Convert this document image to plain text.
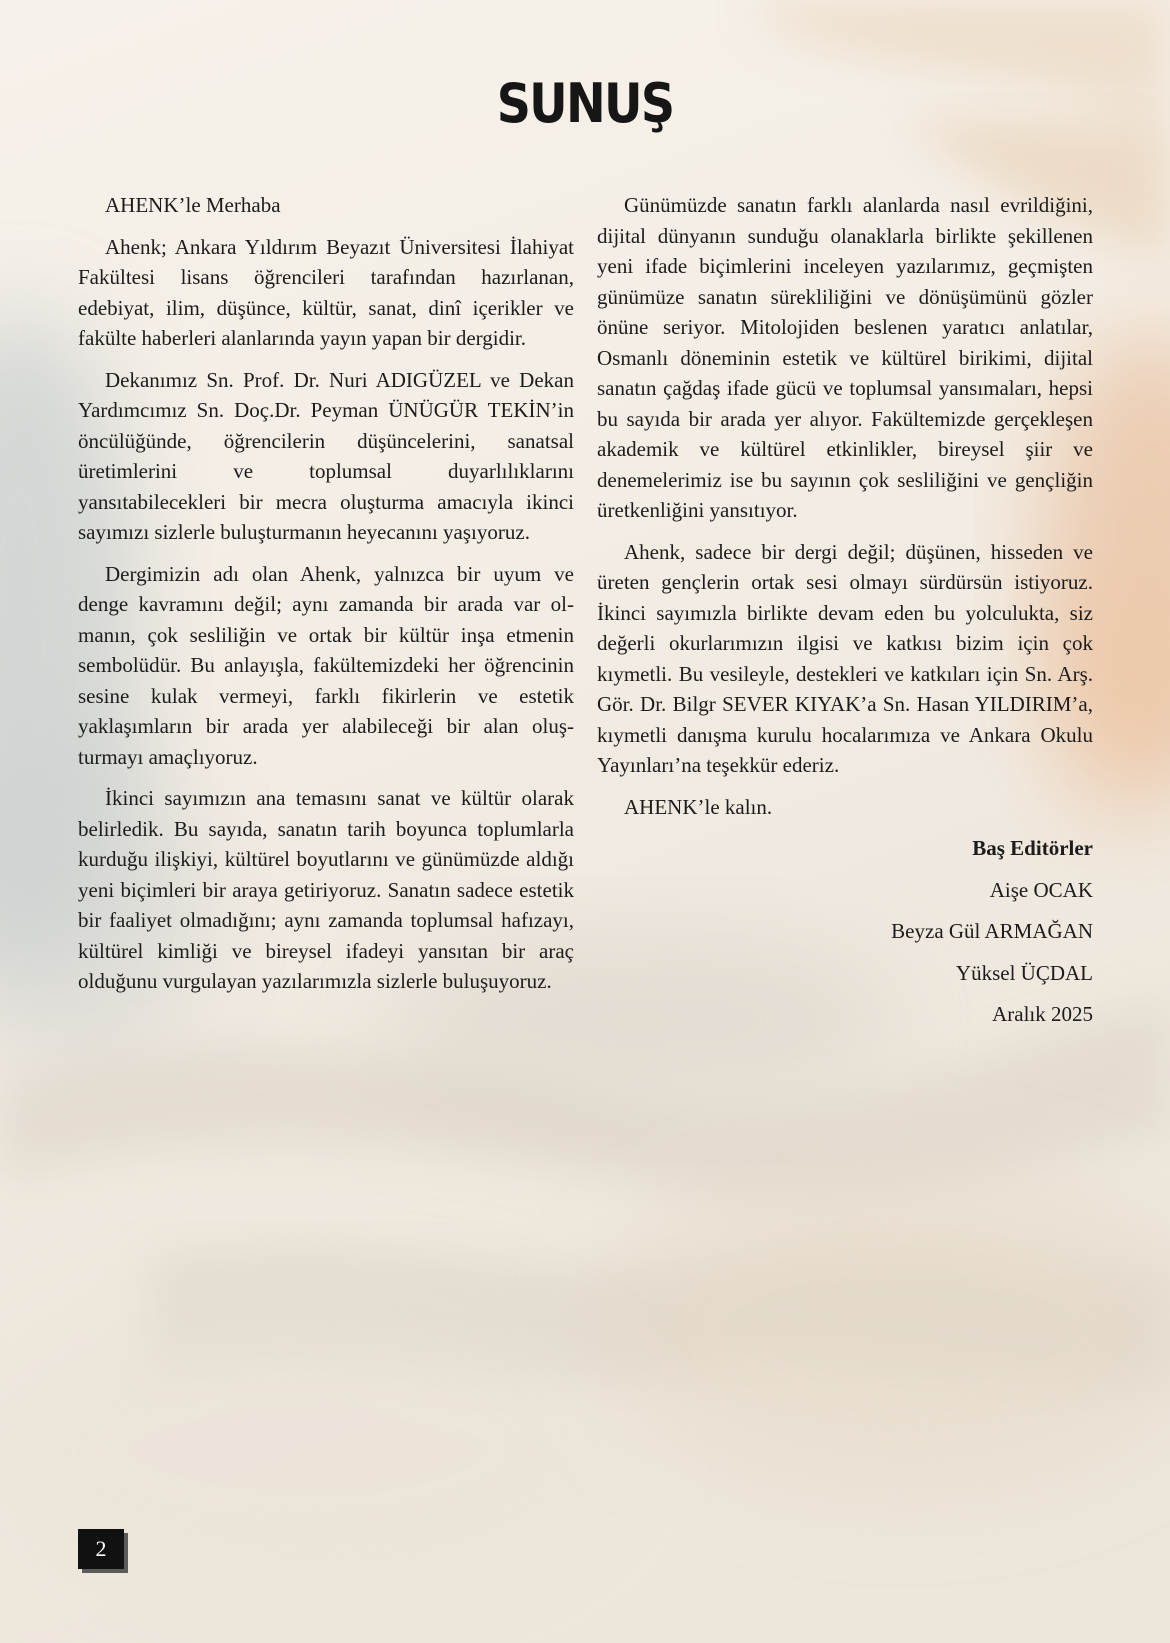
SUNUŞ

AHENK’le Merhaba

Ahenk; Ankara Yıldırım Beyazıt Üniversitesi İlahiyat Fakültesi lisans öğrencileri tarafından hazırlanan, edebiyat, ilim, düşünce, kültür, sanat, dinî içerikler ve fakülte haberleri alanlarında yayın yapan bir dergidir.

Dekanımız Sn. Prof. Dr. Nuri ADIGÜZEL ve Dekan Yardımcımız Sn. Doç.Dr. Peyman ÜNÜGÜR TEKİN’in öncülüğünde, öğrencilerin düşüncelerini, sanatsal üretimlerini ve toplumsal duyarlılıklarını yansıtabilecekleri bir mecra oluşturma amacıyla ikinci sayımızı sizlerle buluşturmanın heyecanını yaşıyoruz.

Dergimizin adı olan Ahenk, yalnızca bir uyum ve denge kavramını değil; aynı zamanda bir arada var olmanın, çok sesliliğin ve ortak bir kültür inşa etmenin sembolüdür. Bu anlayışla, fakültemizdeki her öğrencinin sesine kulak vermeyi, farklı fikirlerin ve estetik yaklaşımların bir arada yer alabileceği bir alan oluşturmayı amaçlıyoruz.

İkinci sayımızın ana temasını sanat ve kültür olarak belirledik. Bu sayıda, sanatın tarih boyunca toplumlarla kurduğu ilişkiyi, kültürel boyutlarını ve günümüzde aldığı yeni biçimleri bir araya getiriyoruz. Sanatın sadece estetik bir faaliyet olmadığını; aynı zamanda toplumsal hafızayı, kültürel kimliği ve bireysel ifadeyi yansıtan bir araç olduğunu vurgulayan yazılarımızla sizlerle buluşuyoruz.

Günümüzde sanatın farklı alanlarda nasıl evrildiğini, dijital dünyanın sunduğu olanaklarla birlikte şekillenen yeni ifade biçimlerini inceleyen yazılarımız, geçmişten günümüze sanatın sürekliliğini ve dönüşümünü gözler önüne seriyor. Mitolojiden beslenen yaratıcı anlatılar, Osmanlı döneminin estetik ve kültürel birikimi, dijital sanatın çağdaş ifade gücü ve toplumsal yansımaları, hepsi bu sayıda bir arada yer alıyor. Fakültemizde gerçekleşen akademik ve kültürel etkinlikler, bireysel şiir ve denemelerimiz ise bu sayının çok sesliliğini ve gençliğin üretkenliğini yansıtıyor.

Ahenk, sadece bir dergi değil; düşünen, hisseden ve üreten gençlerin ortak sesi olmayı sürdürsün istiyoruz. İkinci sayımızla birlikte devam eden bu yolculukta, siz değerli okurlarımızın ilgisi ve katkısı bizim için çok kıymetli. Bu vesileyle, destekleri ve katkıları için Sn. Arş. Gör. Dr. Bilgr SEVER KIYAK’a Sn. Hasan YILDIRIM’a, kıymetli danışma kurulu hocalarımıza ve Ankara Okulu Yayınları’na teşekkür ederiz.

AHENK’le kalın.

Baş Editörler
Aişe OCAK
Beyza Gül ARMAĞAN
Yüksel ÜÇDAL
Aralık 2025
2
